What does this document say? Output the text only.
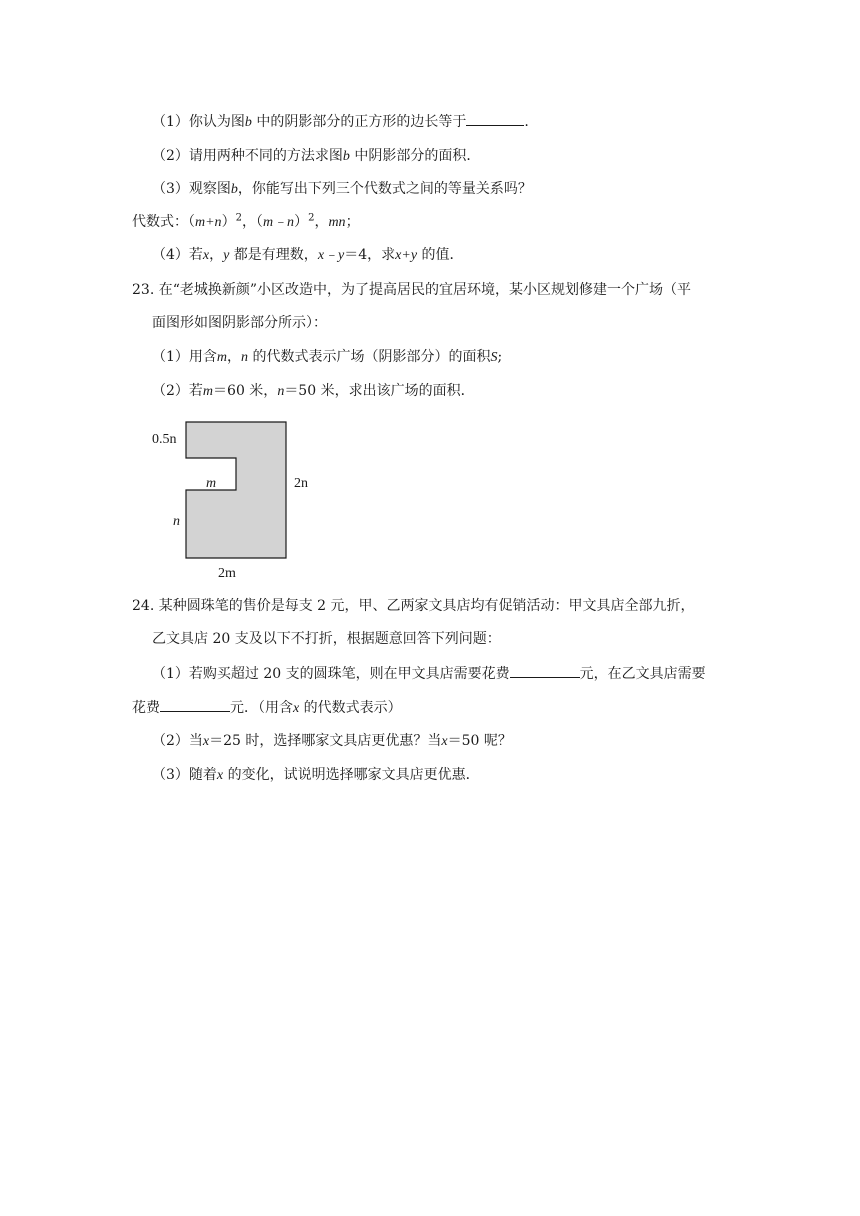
（1）你认为图b 中的阴影部分的正方形的边长等于	.
（2）请用两种不同的方法求图b 中阴影部分的面积．
（3）观察图b，你能写出下列三个代数式之间的等量关系吗？
代数式：$(m+n)^2$，（m﹣n）$^2$，mn；
（4）若x，y 都是有理数，x﹣y＝4，求x+y 的值．
23. 在“老城换新颜”小区改造中，为了提高居民的宜居环境，某小区规划修建一个广场（平
面图形如图阴影部分所示）：
（1）用含m，n 的代数式表示广场（阴影部分）的面积S;
（2）若m＝60 米，n＝50 米，求出该广场的面积．
0.5n
m	2n
n
2m
24. 某种圆珠笔的售价是每支 2 元，甲、乙两家文具店均有促销活动：甲文具店全部九折，
乙文具店 20 支及以下不打折，根据题意回答下列问题：
（1）若购买超过 20 支的圆珠笔，则在甲文具店需要花费	元，在乙文具店需要
花费	元．（用含x 的代数式表示）
（2）当x＝25 时，选择哪家文具店更优惠？当x＝50 呢？
（3）随着x 的变化，试说明选择哪家文具店更优惠．
